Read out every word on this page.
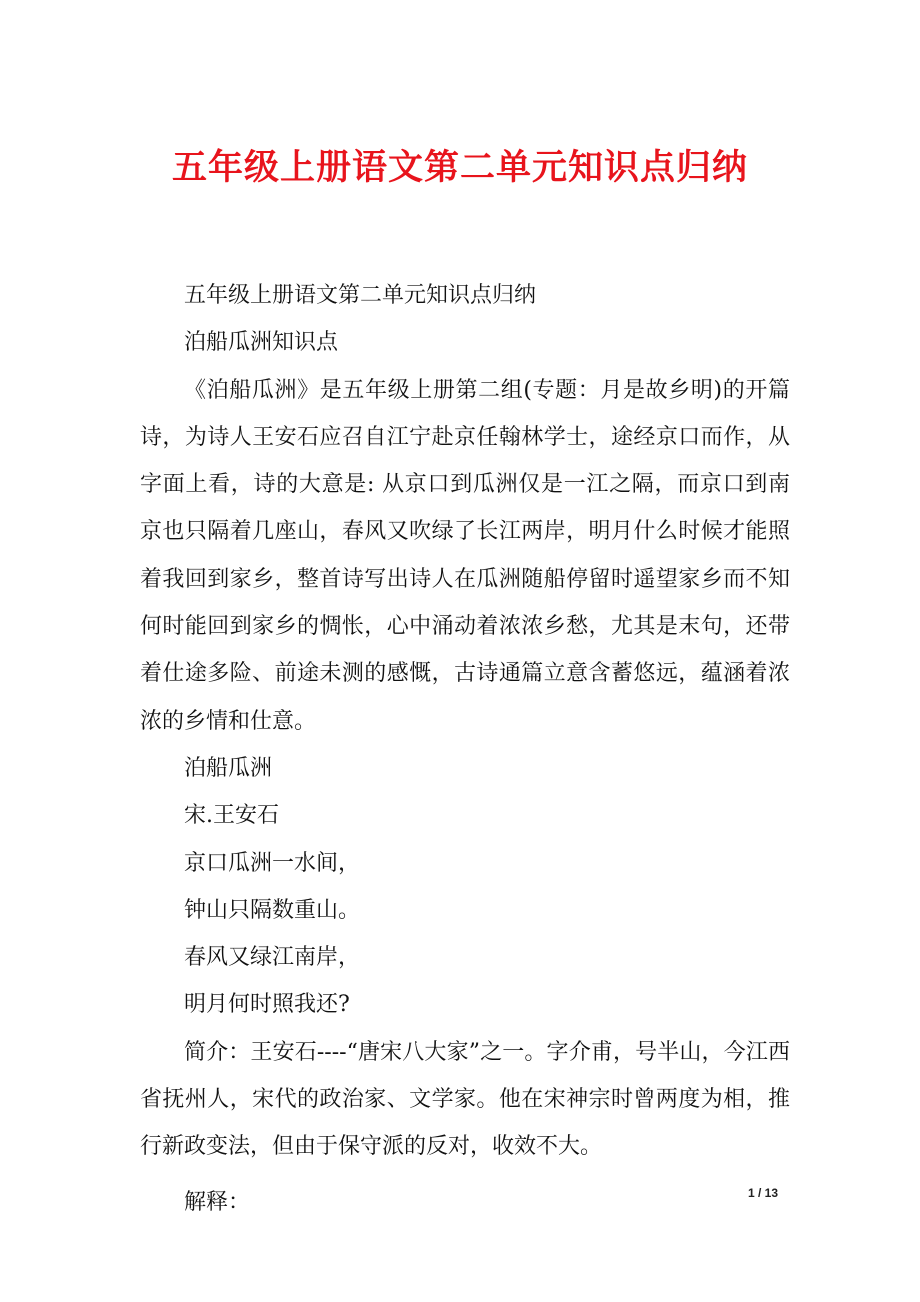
五年级上册语文第二单元知识点归纳

五年级上册语文第二单元知识点归纳

泊船瓜洲知识点

《泊船瓜洲》是五年级上册第二组(专题：月是故乡明)的开篇诗，为诗人王安石应召自江宁赴京任翰林学士，途经京口而作，从字面上看，诗的大意是: 从京口到瓜洲仅是一江之隔，而京口到南京也只隔着几座山，春风又吹绿了长江两岸，明月什么时候才能照着我回到家乡，整首诗写出诗人在瓜洲随船停留时遥望家乡而不知何时能回到家乡的惆怅，心中涌动着浓浓乡愁，尤其是末句，还带着仕途多险、前途未测的感慨，古诗通篇立意含蓄悠远，蕴涵着浓浓的乡情和仕意。

泊船瓜洲

宋.王安石

京口瓜洲一水间，

钟山只隔数重山。

春风又绿江南岸，

明月何时照我还?

简介：王安石----“唐宋八大家”之一。字介甫，号半山，今江西省抚州人，宋代的政治家、文学家。他在宋神宗时曾两度为相，推行新政变法，但由于保守派的反对，收效不大。

解释：	1 / 13
